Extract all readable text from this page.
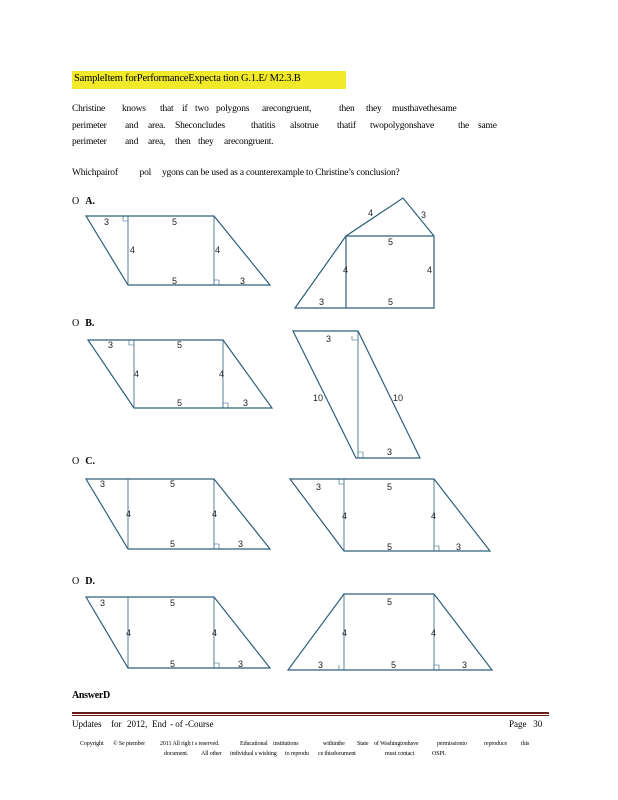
SampleItem forPerformanceExpecta tion G.1.E/ M2.3.B
Christine knows that if two polygons arecongruent,	then they musthavethesame
perimeter and area. Sheconcludes	thatitis alsotrue thatif twopolygonshave	the same
perimeter and area, then they arecongruent.
Whichpairof          pol     ygons can be used as a counterexample to Christine’s conclusion?
O A.
O B.
O C.
O D.
3	5
4	4
5	3
4	3
5
4	4
3	5
3	5
4	4
5	3
3
10	10
3
3	5
4	4
5	3
3	5
4	4
5	3
3	5
4	4
5	3
5
4	4
3	5	3
AnswerD
Updates for 2012, End - of -Course	Page   30
Copyright © Se ptember 2011 All righ t s reserved.	Educational institutions	withinthe State of Washingtonhave	permissionto	reproduce this
document. All other individual s wishing to reprodu ce thisdocument	must contact	OSPI.
